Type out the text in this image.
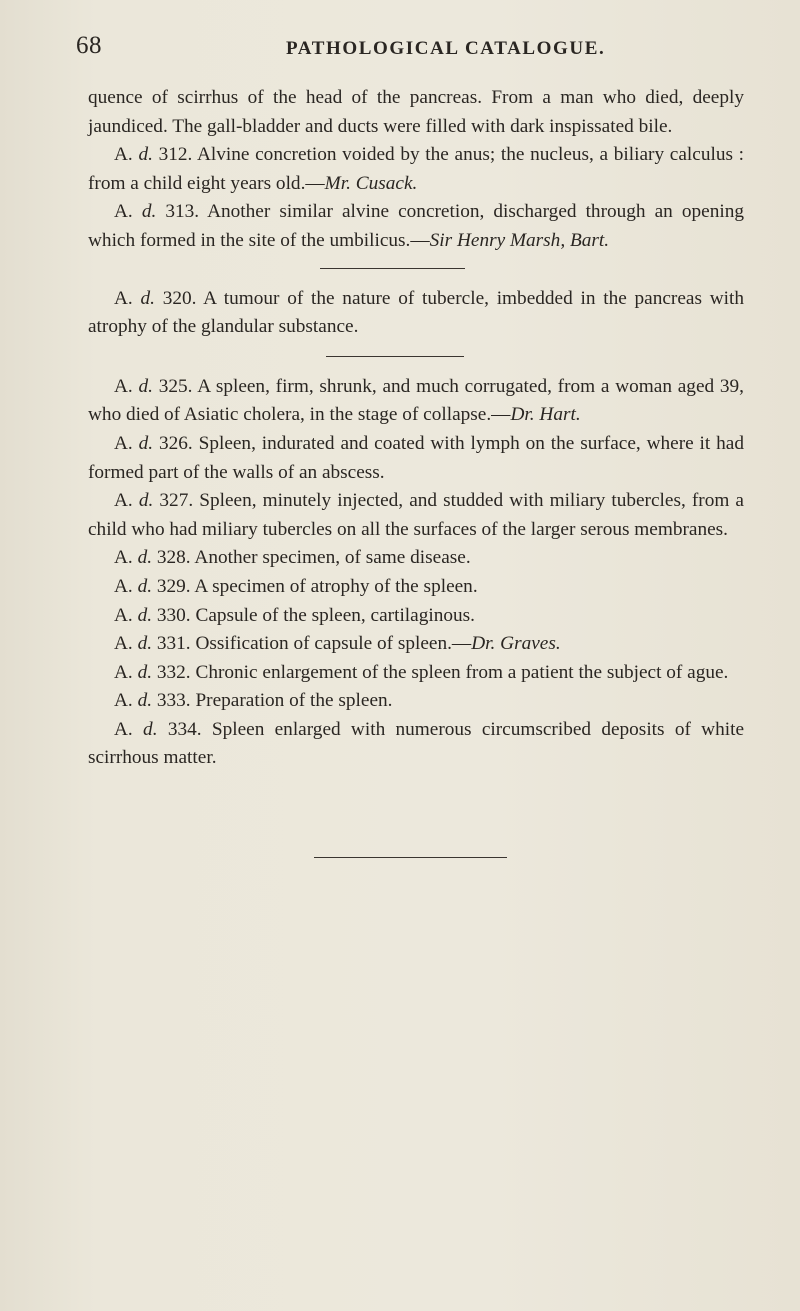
68	PATHOLOGICAL CATALOGUE.

quence of scirrhus of the head of the pancreas. From a man who died, deeply jaundiced. The gall-bladder and ducts were filled with dark inspissated bile.

A. d. 312. Alvine concretion voided by the anus; the nucleus, a biliary calculus : from a child eight years old.—Mr. Cusack.

A. d. 313. Another similar alvine concretion, discharged through an opening which formed in the site of the umbilicus.—Sir Henry Marsh, Bart.

A. d. 320. A tumour of the nature of tubercle, imbedded in the pancreas with atrophy of the glandular substance.

A. d. 325. A spleen, firm, shrunk, and much corrugated, from a woman aged 39, who died of Asiatic cholera, in the stage of collapse.—Dr. Hart.

A. d. 326. Spleen, indurated and coated with lymph on the surface, where it had formed part of the walls of an abscess.

A. d. 327. Spleen, minutely injected, and studded with miliary tubercles, from a child who had miliary tubercles on all the surfaces of the larger serous membranes.

A. d. 328. Another specimen, of same disease.

A. d. 329. A specimen of atrophy of the spleen.

A. d. 330. Capsule of the spleen, cartilaginous.

A. d. 331. Ossification of capsule of spleen.—Dr. Graves.

A. d. 332. Chronic enlargement of the spleen from a patient the subject of ague.

A. d. 333. Preparation of the spleen.

A. d. 334. Spleen enlarged with numerous circumscribed deposits of white scirrhous matter.
